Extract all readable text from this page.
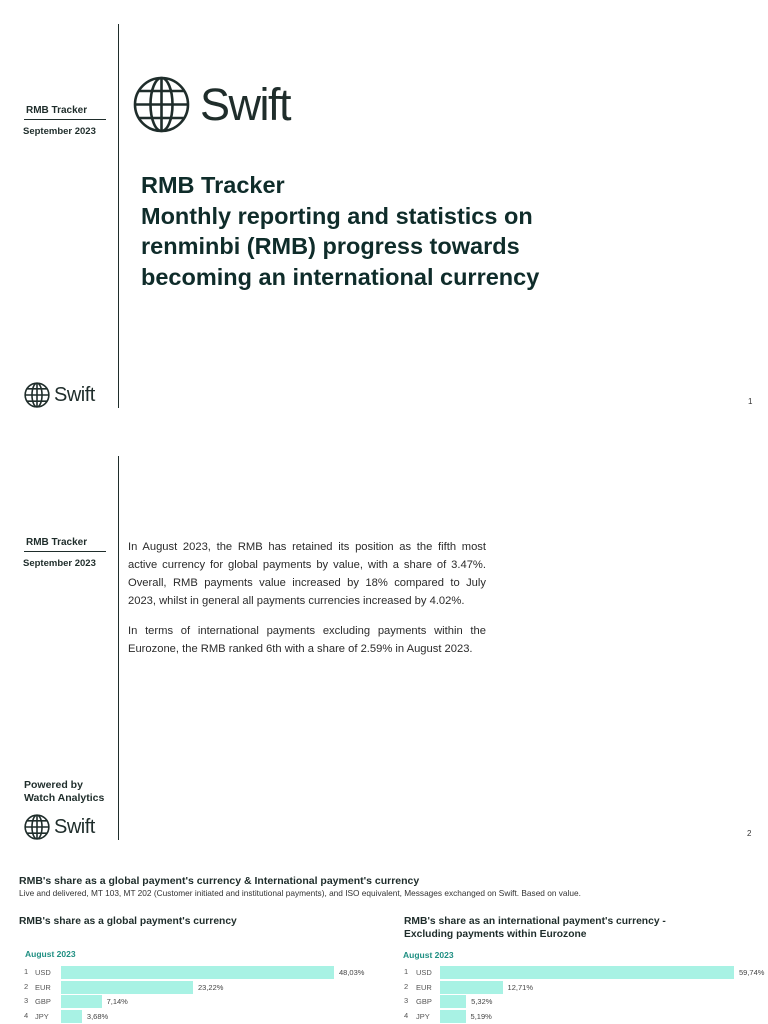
RMB Tracker
September 2023
Swift
RMB Tracker
Monthly reporting and statistics on
renminbi (RMB) progress towards
becoming an international currency
Swift	1
RMB Tracker
September 2023

In August 2023, the RMB has retained its position as the fifth most active currency for global payments by value, with a share of 3.47%. Overall, RMB payments value increased by 18% compared to July 2023, whilst in general all payments currencies increased by 4.02%.

In terms of international payments excluding payments within the Eurozone, the RMB ranked 6th with a share of 2.59% in August 2023.

Powered by
Watch Analytics
Swift	2
RMB's share as a global payment's currency & International payment's currency
Live and delivered, MT 103, MT 202 (Customer initiated and institutional payments), and ISO equivalent, Messages exchanged on Swift. Based on value.
RMB's share as a global payment's currency
August 2023
1 USD	48,03%
2 EUR	23,22%
3 GBP	7,14%
4 JPY	3,68%
RMB's share as an international payment's currency -
Excluding payments within Eurozone
August 2023
1 USD	59,74%
2 EUR	12,71%
3 GBP	5,32%
4 JPY	5,19%
